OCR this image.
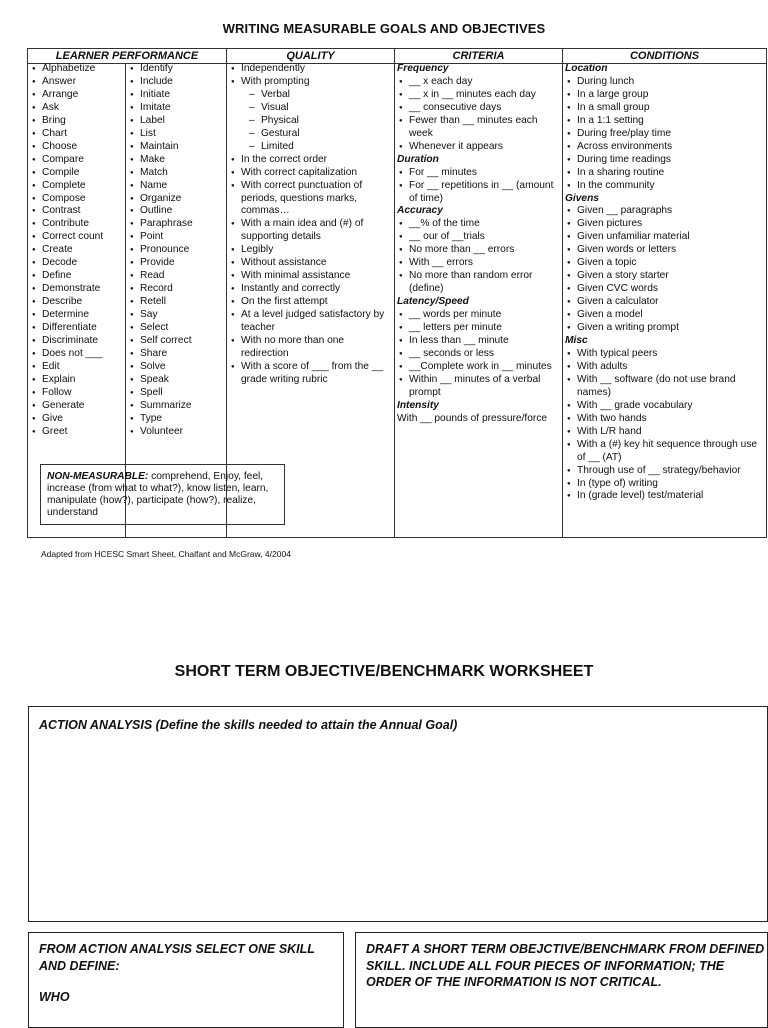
WRITING MEASURABLE GOALS AND OBJECTIVES
LEARNER PERFORMANCE
● Alphabetize
● Answer
● Arrange
● Ask
● Bring
● Chart
● Choose
● Compare
● Compile
● Complete
● Compose
● Contrast
● Contribute
● Correct count
● Create
● Decode
● Define
● Demonstrate
● Describe
● Determine
● Differentiate
● Discriminate
● Does not ___
● Edit
● Explain
● Follow
● Generate
● Give
● Greet
● Identify
● Include
● Initiate
● Imitate
● Label
● List
● Maintain
● Make
● Match
● Name
● Organize
● Outline
● Paraphrase
● Point
● Pronounce
● Provide
● Read
● Record
● Retell
● Say
● Select
● Self correct
● Share
● Solve
● Speak
● Spell
● Summarize
● Type
● Volunteer
QUALITY
● Independently
● With prompting
– Verbal
– Visual
– Physical
– Gestural
– Limited
● In the correct order
● With correct capitalization
● With correct punctuation of periods, questions marks, commas…
● With a main idea and (#) of supporting details
● Legibly
● Without assistance
● With minimal assistance
● Instantly and correctly
● On the first attempt
● At a level judged satisfactory by teacher
● With no more than one redirection
● With a score of ___ from the __ grade writing rubric
CRITERIA
Frequency
● __ x each day
● __ x in __ minutes each day
● __ consecutive days
● Fewer than __ minutes each week
● Whenever it appears
Duration
● For __ minutes
● For __ repetitions in __ (amount of time)
Accuracy
● __% of the time
● __ our of __trials
● No more than __ errors
● With __ errors
● No more than random error (define)
Latency/Speed
● __ words per minute
● __ letters per minute
● In less than __ minute
● __ seconds or less
● __Complete work in __ minutes
● Within __ minutes of a verbal prompt
Intensity
With __ pounds of pressure/force
CONDITIONS
Location
● During lunch
● In a large group
● In a small group
● In a 1:1 setting
● During free/play time
● Across environments
● During time readings
● In a sharing routine
● In the community
Givens
● Given __ paragraphs
● Given pictures
● Given unfamiliar material
● Given words or letters
● Given a topic
● Given a story starter
● Given CVC words
● Given a calculator
● Given a model
● Given a writing prompt
Misc
● With typical peers
● With adults
● With __ software (do not use brand names)
● With __ grade vocabulary
● With two hands
● With L/R hand
● With a (#) key hit sequence through use of __ (AT)
● Through use of __ strategy/behavior
● In (type of) writing
● In (grade level) test/material
NON-MEASURABLE: comprehend, Enjoy, feel, increase (from what to what?), know listen, learn, manipulate (how?), participate (how?), realize, understand
Adapted from HCESC Smart Sheet, Chalfant and McGraw, 4/2004
SHORT TERM OBJECTIVE/BENCHMARK WORKSHEET
ACTION ANALYSIS (Define the skills needed to attain the Annual Goal)
FROM ACTION ANALYSIS SELECT ONE SKILL AND DEFINE:
WHO
DRAFT A SHORT TERM OBEJCTIVE/BENCHMARK FROM DEFINED SKILL. INCLUDE ALL FOUR PIECES OF INFORMATION; THE ORDER OF THE INFORMATION IS NOT CRITICAL.
